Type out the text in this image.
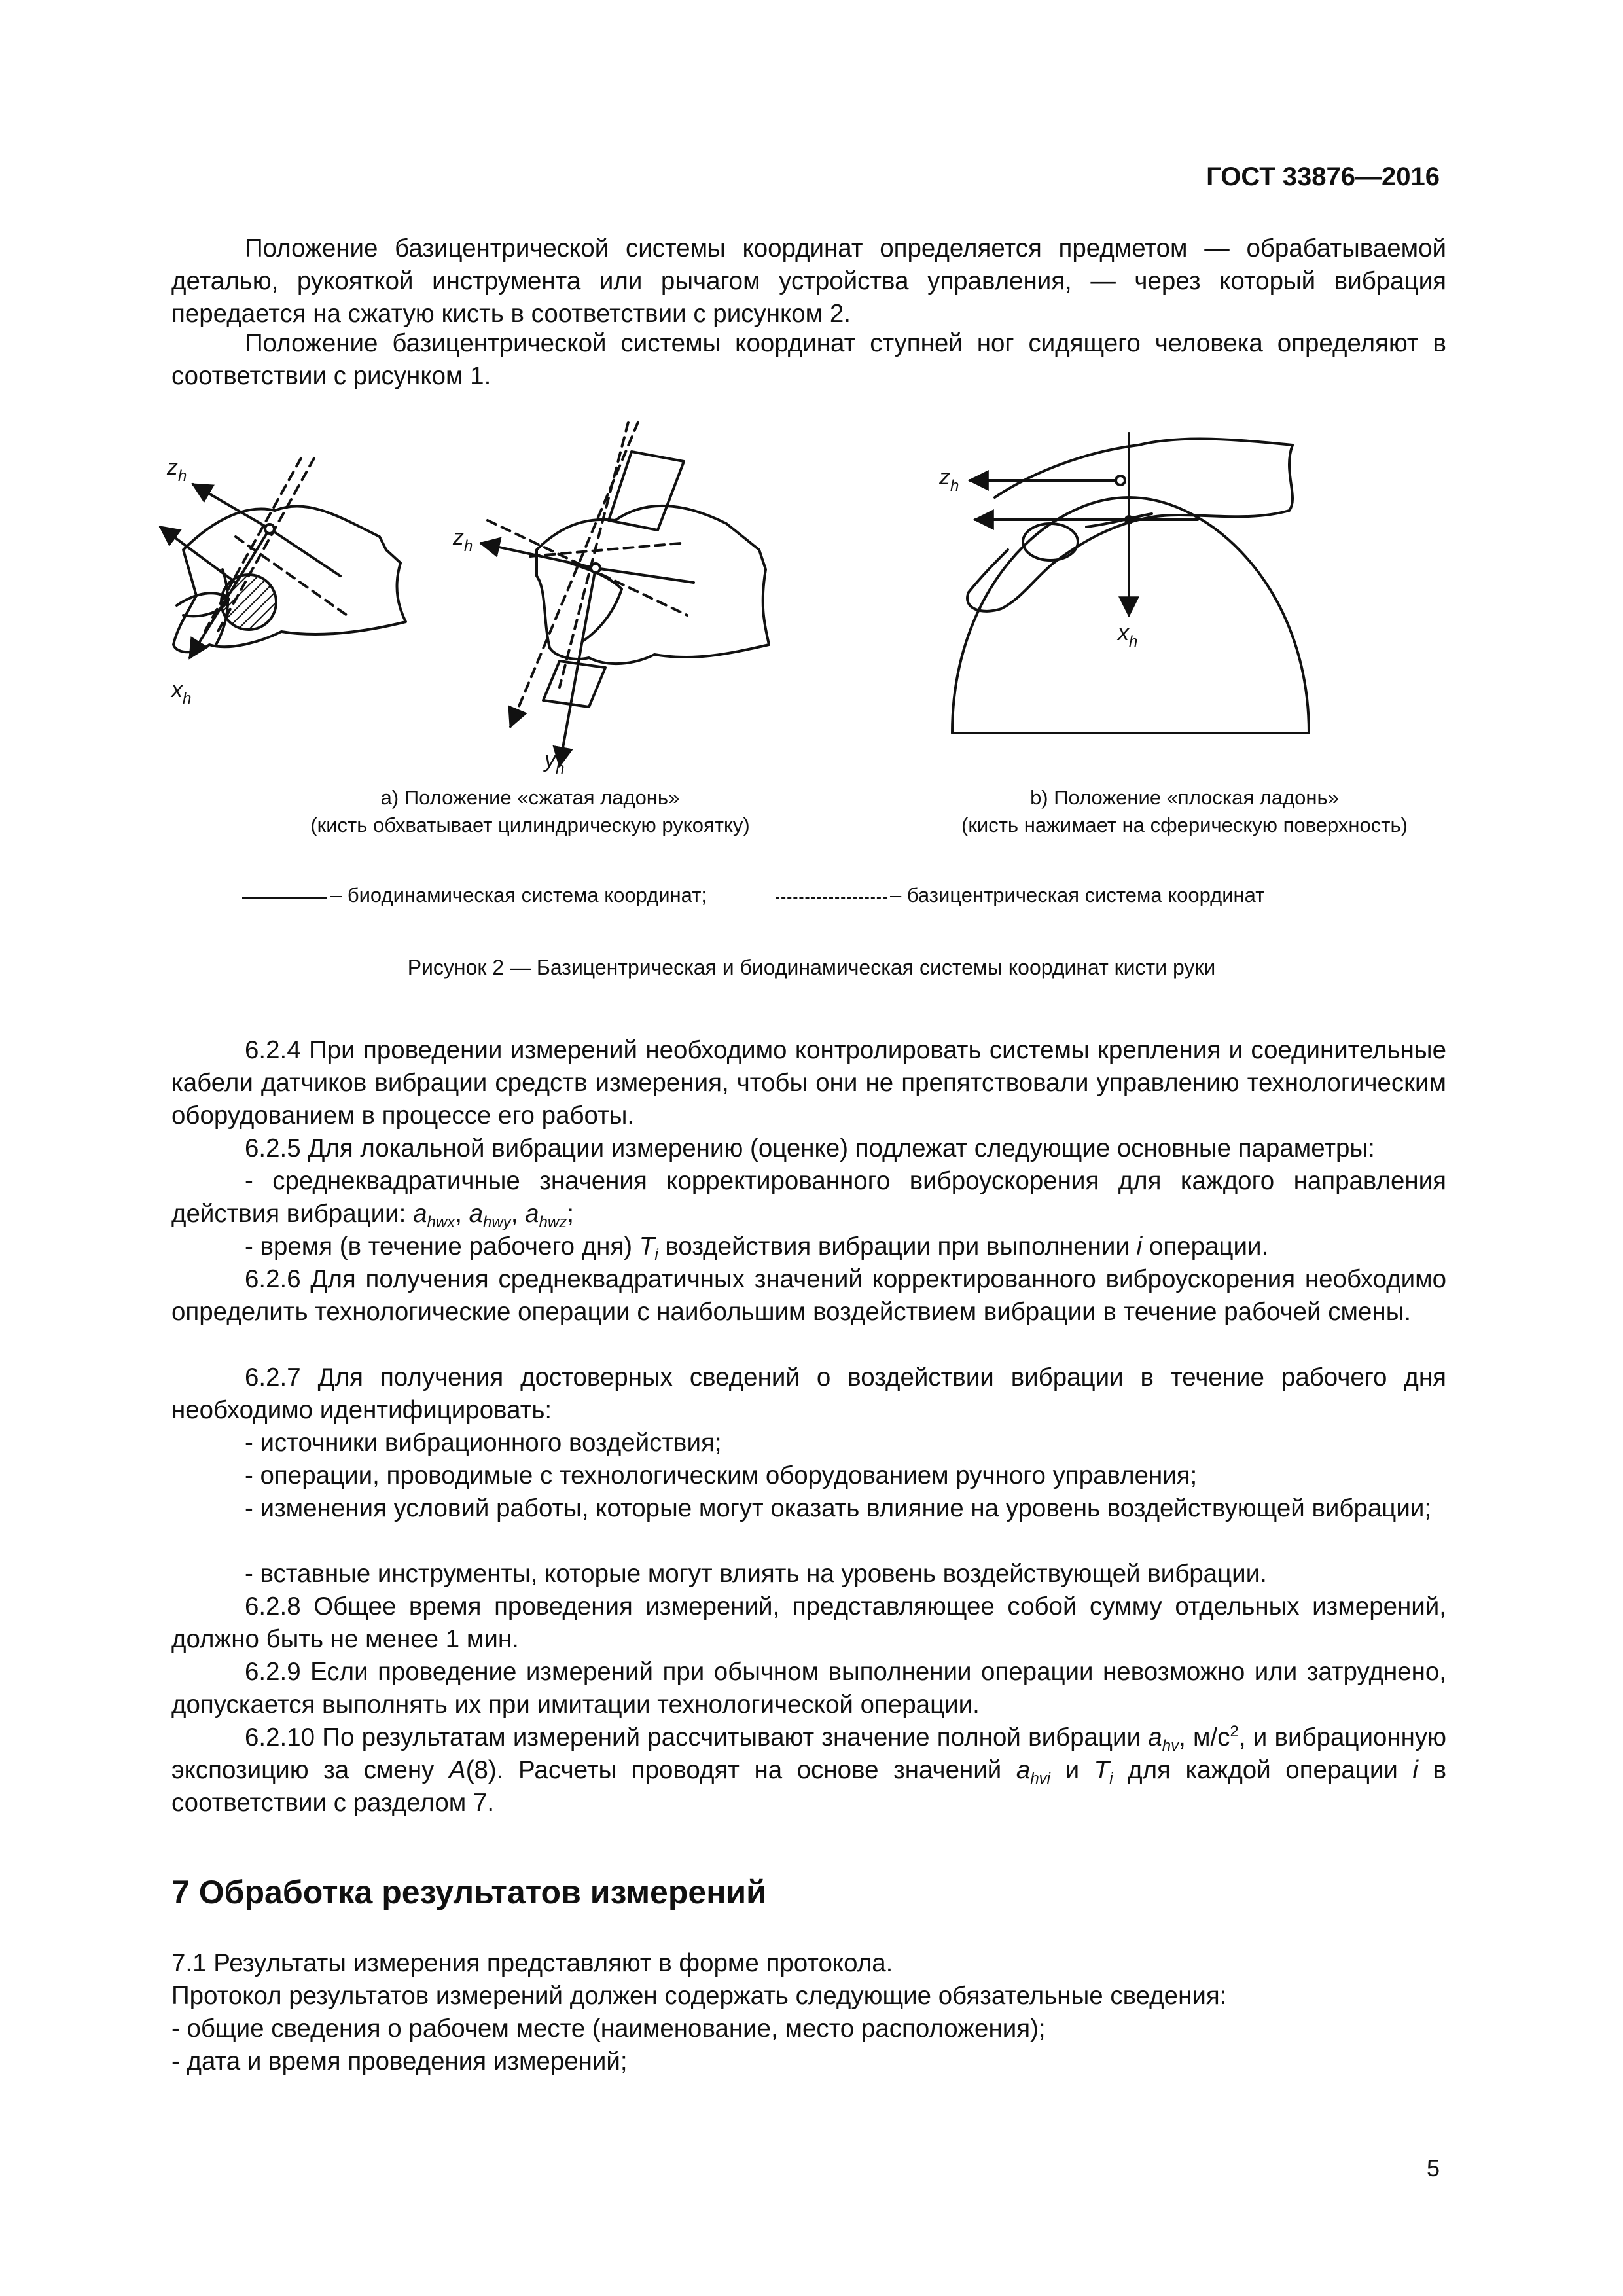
ГОСТ 33876—2016

Положение базицентрической системы координат определяется предметом — обрабатываемой деталью, рукояткой инструмента или рычагом устройства управления, — через который вибрация передается на сжатую кисть в соответствии с рисунком 2.

Положение базицентрической системы координат ступней ног сидящего человека определяют в соответствии с рисунком 1.

$z_h$
$x_h$
$z_h$
$y_h$
$z_h$
$x_h$
а) Положение «сжатая ладонь»
(кисть обхватывает цилиндрическую рукоятку)
b) Положение «плоская ладонь»
(кисть нажимает на сферическую поверхность)
– биодинамическая система координат;	– базицентрическая система координат
Рисунок 2 — Базицентрическая и биодинамическая системы координат кисти руки

6.2.4 При проведении измерений необходимо контролировать системы крепления и соединительные кабели датчиков вибрации средств измерения, чтобы они не препятствовали управлению технологическим оборудованием в процессе его работы.

6.2.5 Для локальной вибрации измерению (оценке) подлежат следующие основные параметры:

- среднеквадратичные значения корректированного виброускорения для каждого направления действия вибрации: $a_{hwx}$, $a_{hwy}$, $a_{hwz}$;

- время (в течение рабочего дня) $T_i$ воздействия вибрации при выполнении i операции.

6.2.6 Для получения среднеквадратичных значений корректированного виброускорения необходимо определить технологические операции с наибольшим воздействием вибрации в течение рабочей смены.

6.2.7 Для получения достоверных сведений о воздействии вибрации в течение рабочего дня необходимо идентифицировать:

- источники вибрационного воздействия;

- операции, проводимые с технологическим оборудованием ручного управления;

- изменения условий работы, которые могут оказать влияние на уровень воздействующей вибрации;

- вставные инструменты, которые могут влиять на уровень воздействующей вибрации.

6.2.8 Общее время проведения измерений, представляющее собой сумму отдельных измерений, должно быть не менее 1 мин.

6.2.9 Если проведение измерений при обычном выполнении операции невозможно или затруднено, допускается выполнять их при имитации технологической операции.

6.2.10 По результатам измерений рассчитывают значение полной вибрации $a_{hv}$, $м/с^2$, и вибрационную экспозицию за смену A(8). Расчеты проводят на основе значений $a_{hvi}$ и $T_i$ для каждой операции i в соответствии с разделом 7.

7 Обработка результатов измерений

7.1 Результаты измерения представляют в форме протокола.

Протокол результатов измерений должен содержать следующие обязательные сведения:

- общие сведения о рабочем месте (наименование, место расположения);

- дата и время проведения измерений;

5
